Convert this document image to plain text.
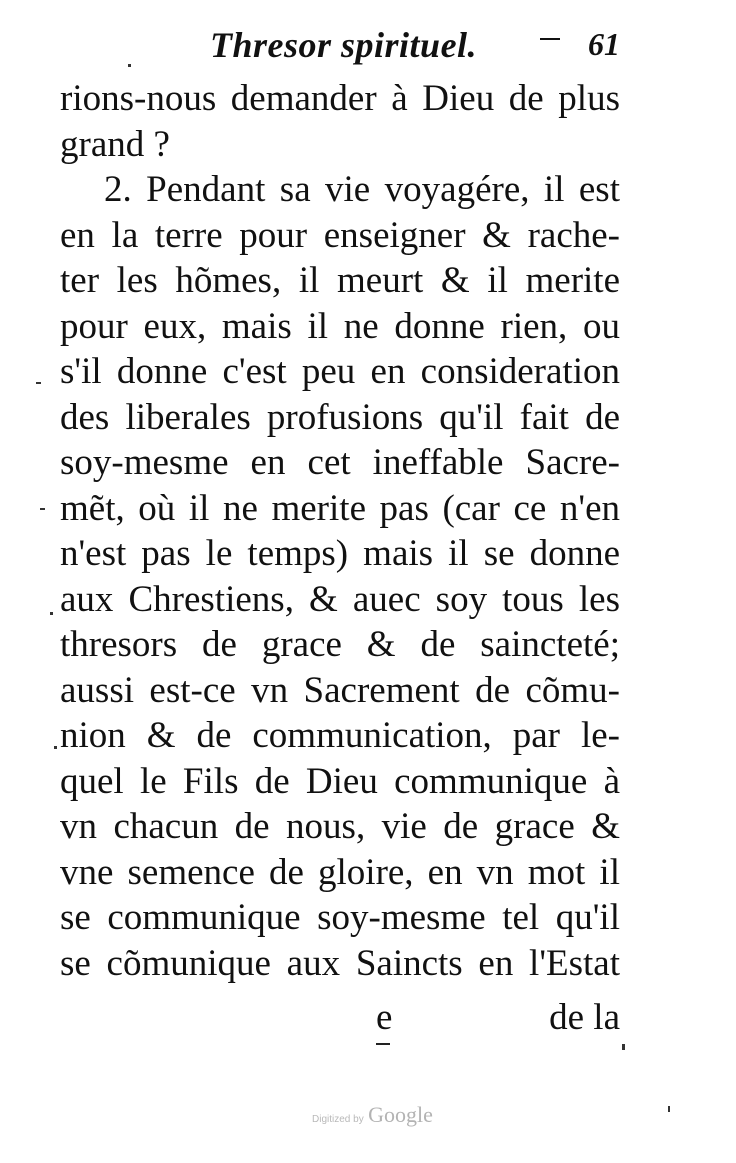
Thresor spirituel.	61
rions-nous demander à Dieu de plus
grand ?
2. Pendant sa vie voyagére, il est
en la terre pour enseigner & rache-
ter les hõmes, il meurt & il merite
pour eux, mais il ne donne rien, ou
s'il donne c'est peu en consideration
des liberales profusions qu'il fait de
soy-mesme en cet ineffable Sacre-
mẽt, où il ne merite pas (car ce n'en
n'est pas le temps) mais il se donne
aux Chrestiens, & auec soy tous les
thresors de grace & de saincteté;
aussi est-ce vn Sacrement de cõmu-
nion & de communication, par le-
quel le Fils de Dieu communique à
vn chacun de nous, vie de grace &
vne semence de gloire, en vn mot il
se communique soy-mesme tel qu'il
se cõmunique aux Saincts en l'Estat
e	de la
Digitized by Google
